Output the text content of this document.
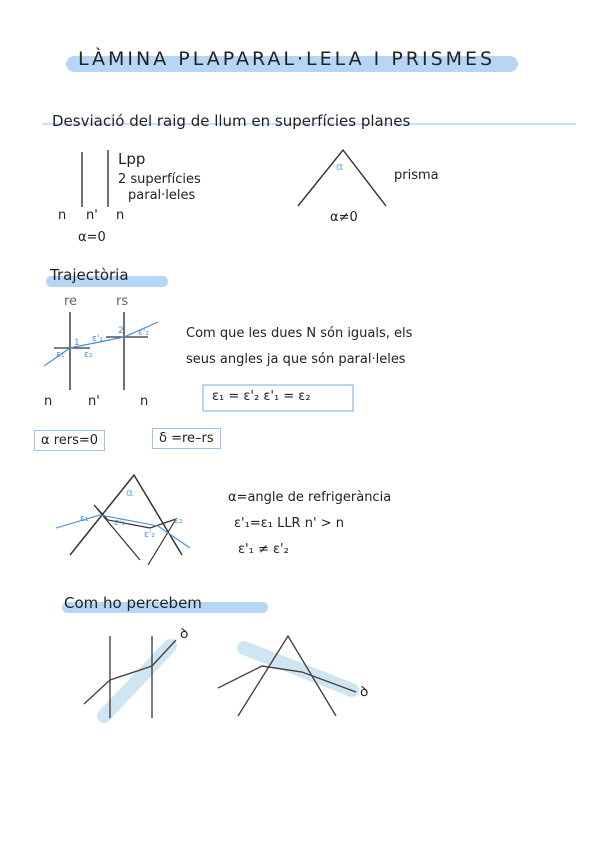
LÀMINA PLAPARAL·LELA I PRISMES
Desviació del raig de llum en superfícies planes
Lpp
2 superfícies
paral·leles
n n' n
α=0
α
prisma
α≠0
Trajectòria
re	rs
1 ε'₁
ε₁
ε'₂
2
ε₂
Com que les dues N són iguals, els
seus angles ja que són paral·leles
ε₁ = ε'₂ ε'₁ = ε₂
n	n'	n
α rers=0	δ =re–rs
α
ε₁	ε'₁	ε₂
ε'₂
α=angle de refrigerància
ε'₁=ε₁ LLR n' > n
ε'₁ ≠ ε'₂
Com ho percebem
ꝺ
ꝺ
